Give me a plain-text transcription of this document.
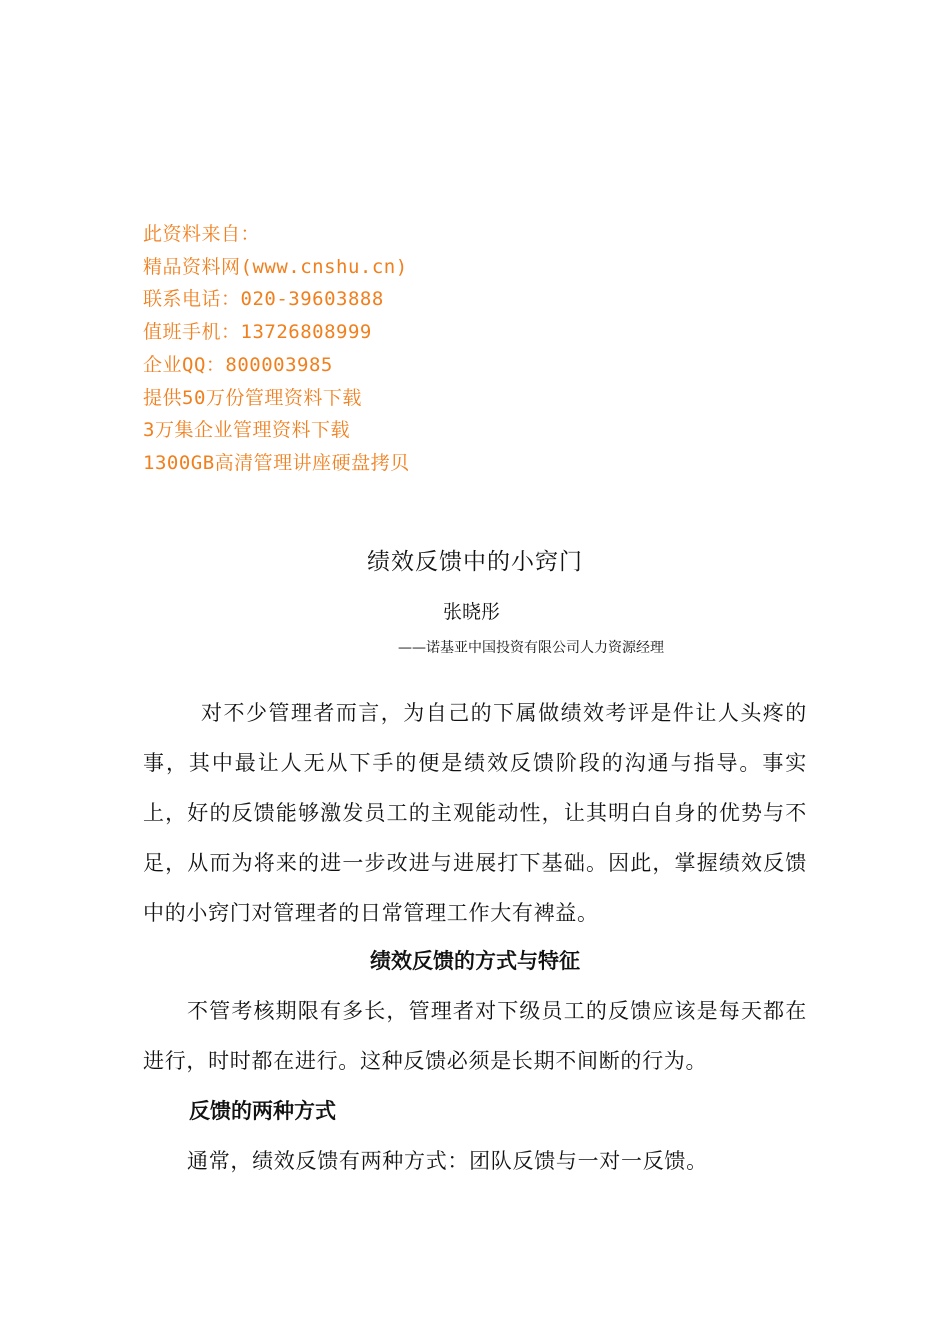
此资料来自：
精品资料网(www.cnshu.cn)
联系电话：020-39603888
值班手机：13726808999
企业QQ：800003985
提供50万份管理资料下载
3万集企业管理资料下载
1300GB高清管理讲座硬盘拷贝
绩效反馈中的小窍门
张晓彤
——诺基亚中国投资有限公司人力资源经理
对不少管理者而言，为自己的下属做绩效考评是件让人头疼的事，其中最让人无从下手的便是绩效反馈阶段的沟通与指导。事实上，好的反馈能够激发员工的主观能动性，让其明白自身的优势与不足，从而为将来的进一步改进与进展打下基础。因此，掌握绩效反馈中的小窍门对管理者的日常管理工作大有裨益。
绩效反馈的方式与特征
不管考核期限有多长，管理者对下级员工的反馈应该是每天都在进行，时时都在进行。这种反馈必须是长期不间断的行为。
反馈的两种方式
通常，绩效反馈有两种方式：团队反馈与一对一反馈。
